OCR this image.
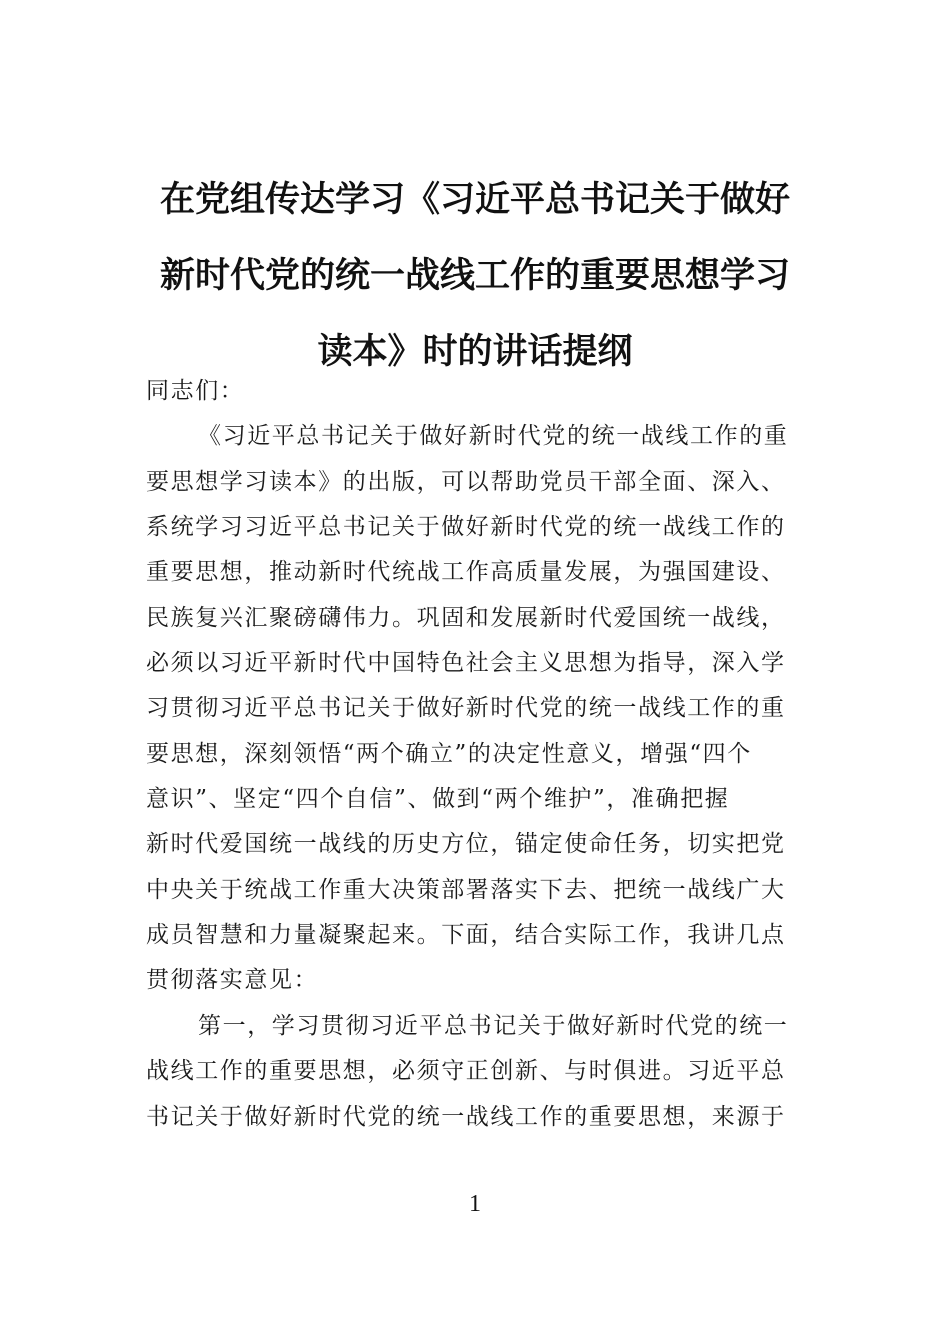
在党组传达学习《习近平总书记关于做好
新时代党的统一战线工作的重要思想学习
读本》时的讲话提纲
同志们：
《习近平总书记关于做好新时代党的统一战线工作的重
要思想学习读本》的出版，可以帮助党员干部全面、深入、
系统学习习近平总书记关于做好新时代党的统一战线工作的
重要思想，推动新时代统战工作高质量发展，为强国建设、
民族复兴汇聚磅礴伟力。巩固和发展新时代爱国统一战线，
必须以习近平新时代中国特色社会主义思想为指导，深入学
习贯彻习近平总书记关于做好新时代党的统一战线工作的重
要思想，深刻领悟“两个确立”的决定性意义，增强“四个
意识”、坚定“四个自信”、做到“两个维护”，准确把握
新时代爱国统一战线的历史方位，锚定使命任务，切实把党
中央关于统战工作重大决策部署落实下去、把统一战线广大
成员智慧和力量凝聚起来。下面，结合实际工作，我讲几点
贯彻落实意见：
第一，学习贯彻习近平总书记关于做好新时代党的统一
战线工作的重要思想，必须守正创新、与时俱进。习近平总
书记关于做好新时代党的统一战线工作的重要思想，来源于
1
